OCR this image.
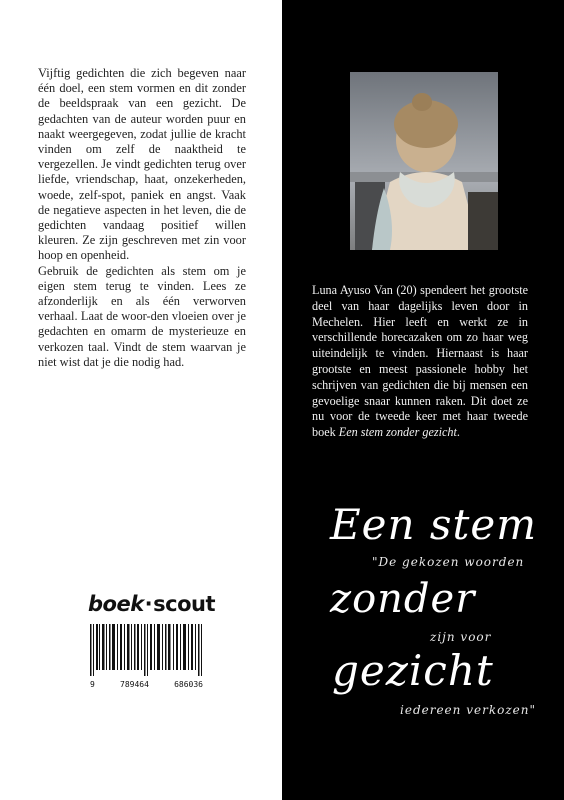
Vijftig gedichten die zich begeven naar één doel, een stem vormen en dit zonder de beeldspraak van een gezicht. De gedachten van de auteur worden puur en naakt weergegeven, zodat jullie de kracht vinden om zelf de naaktheid te vergezellen. Je vindt gedichten terug over liefde, vriendschap, haat, onzekerheden, woede, zelf-spot, paniek en angst. Vaak de negatieve aspecten in het leven, die de gedichten vandaag positief willen kleuren. Ze zijn geschreven met zin voor hoop en openheid.

Gebruik de gedichten als stem om je eigen stem terug te vinden. Lees ze afzonderlijk en als één verworven verhaal. Laat de woor-den vloeien over je gedachten en omarm de mysterieuze en verkozen taal. Vindt de stem waarvan je niet wist dat je die nodig had.

boek·scout
9	789464	686036

Luna Ayuso Van (20) spendeert het grootste deel van haar dagelijks leven door in Mechelen. Hier leeft en werkt ze in verschillende horecazaken om zo haar weg uiteindelijk te vinden. Hiernaast is haar grootste en meest passionele hobby het schrijven van gedichten die bij mensen een gevoelige snaar kunnen raken. Dit doet ze nu voor de tweede keer met haar tweede boek Een stem zonder gezicht.

Een stem
"De gekozen woorden
zonder
zijn voor
gezicht
iedereen verkozen"
